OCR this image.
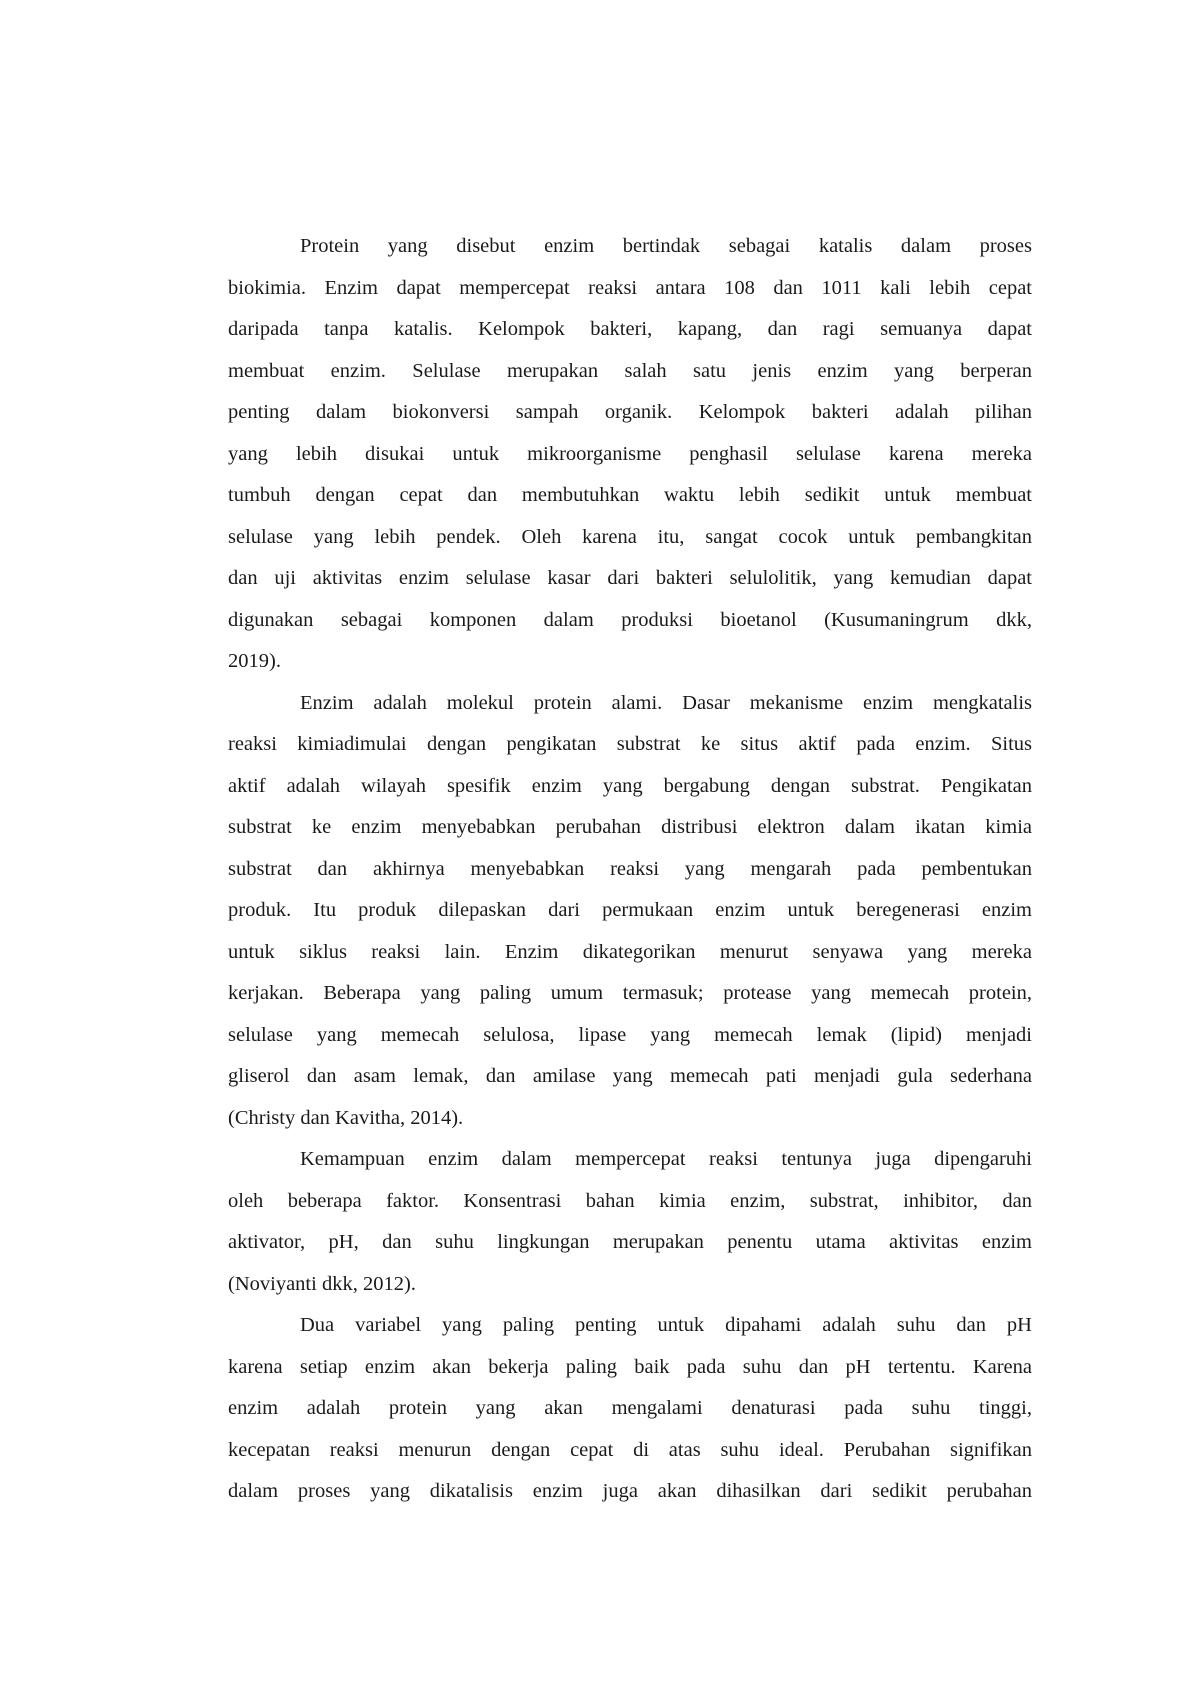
Protein yang disebut enzim bertindak sebagai katalis dalam proses
biokimia. Enzim dapat mempercepat reaksi antara 108 dan 1011 kali lebih cepat
daripada tanpa katalis. Kelompok bakteri, kapang, dan ragi semuanya dapat
membuat enzim. Selulase merupakan salah satu jenis enzim yang berperan
penting dalam biokonversi sampah organik. Kelompok bakteri adalah pilihan
yang lebih disukai untuk mikroorganisme penghasil selulase karena mereka
tumbuh dengan cepat dan membutuhkan waktu lebih sedikit untuk membuat
selulase yang lebih pendek. Oleh karena itu, sangat cocok untuk pembangkitan
dan uji aktivitas enzim selulase kasar dari bakteri selulolitik, yang kemudian dapat
digunakan sebagai komponen dalam produksi bioetanol (Kusumaningrum dkk,
2019).
Enzim adalah molekul protein alami. Dasar mekanisme enzim mengkatalis
reaksi kimiadimulai dengan pengikatan substrat ke situs aktif pada enzim. Situs
aktif adalah wilayah spesifik enzim yang bergabung dengan substrat. Pengikatan
substrat ke enzim menyebabkan perubahan distribusi elektron dalam ikatan kimia
substrat dan akhirnya menyebabkan reaksi yang mengarah pada pembentukan
produk. Itu produk dilepaskan dari permukaan enzim untuk beregenerasi enzim
untuk siklus reaksi lain. Enzim dikategorikan menurut senyawa yang mereka
kerjakan. Beberapa yang paling umum termasuk; protease yang memecah protein,
selulase yang memecah selulosa, lipase yang memecah lemak (lipid) menjadi
gliserol dan asam lemak, dan amilase yang memecah pati menjadi gula sederhana
(Christy dan Kavitha, 2014).
Kemampuan enzim dalam mempercepat reaksi tentunya juga dipengaruhi
oleh beberapa faktor. Konsentrasi bahan kimia enzim, substrat, inhibitor, dan
aktivator, pH, dan suhu lingkungan merupakan penentu utama aktivitas enzim
(Noviyanti dkk, 2012).
Dua variabel yang paling penting untuk dipahami adalah suhu dan pH
karena setiap enzim akan bekerja paling baik pada suhu dan pH tertentu. Karena
enzim adalah protein yang akan mengalami denaturasi pada suhu tinggi,
kecepatan reaksi menurun dengan cepat di atas suhu ideal. Perubahan signifikan
dalam proses yang dikatalisis enzim juga akan dihasilkan dari sedikit perubahan
